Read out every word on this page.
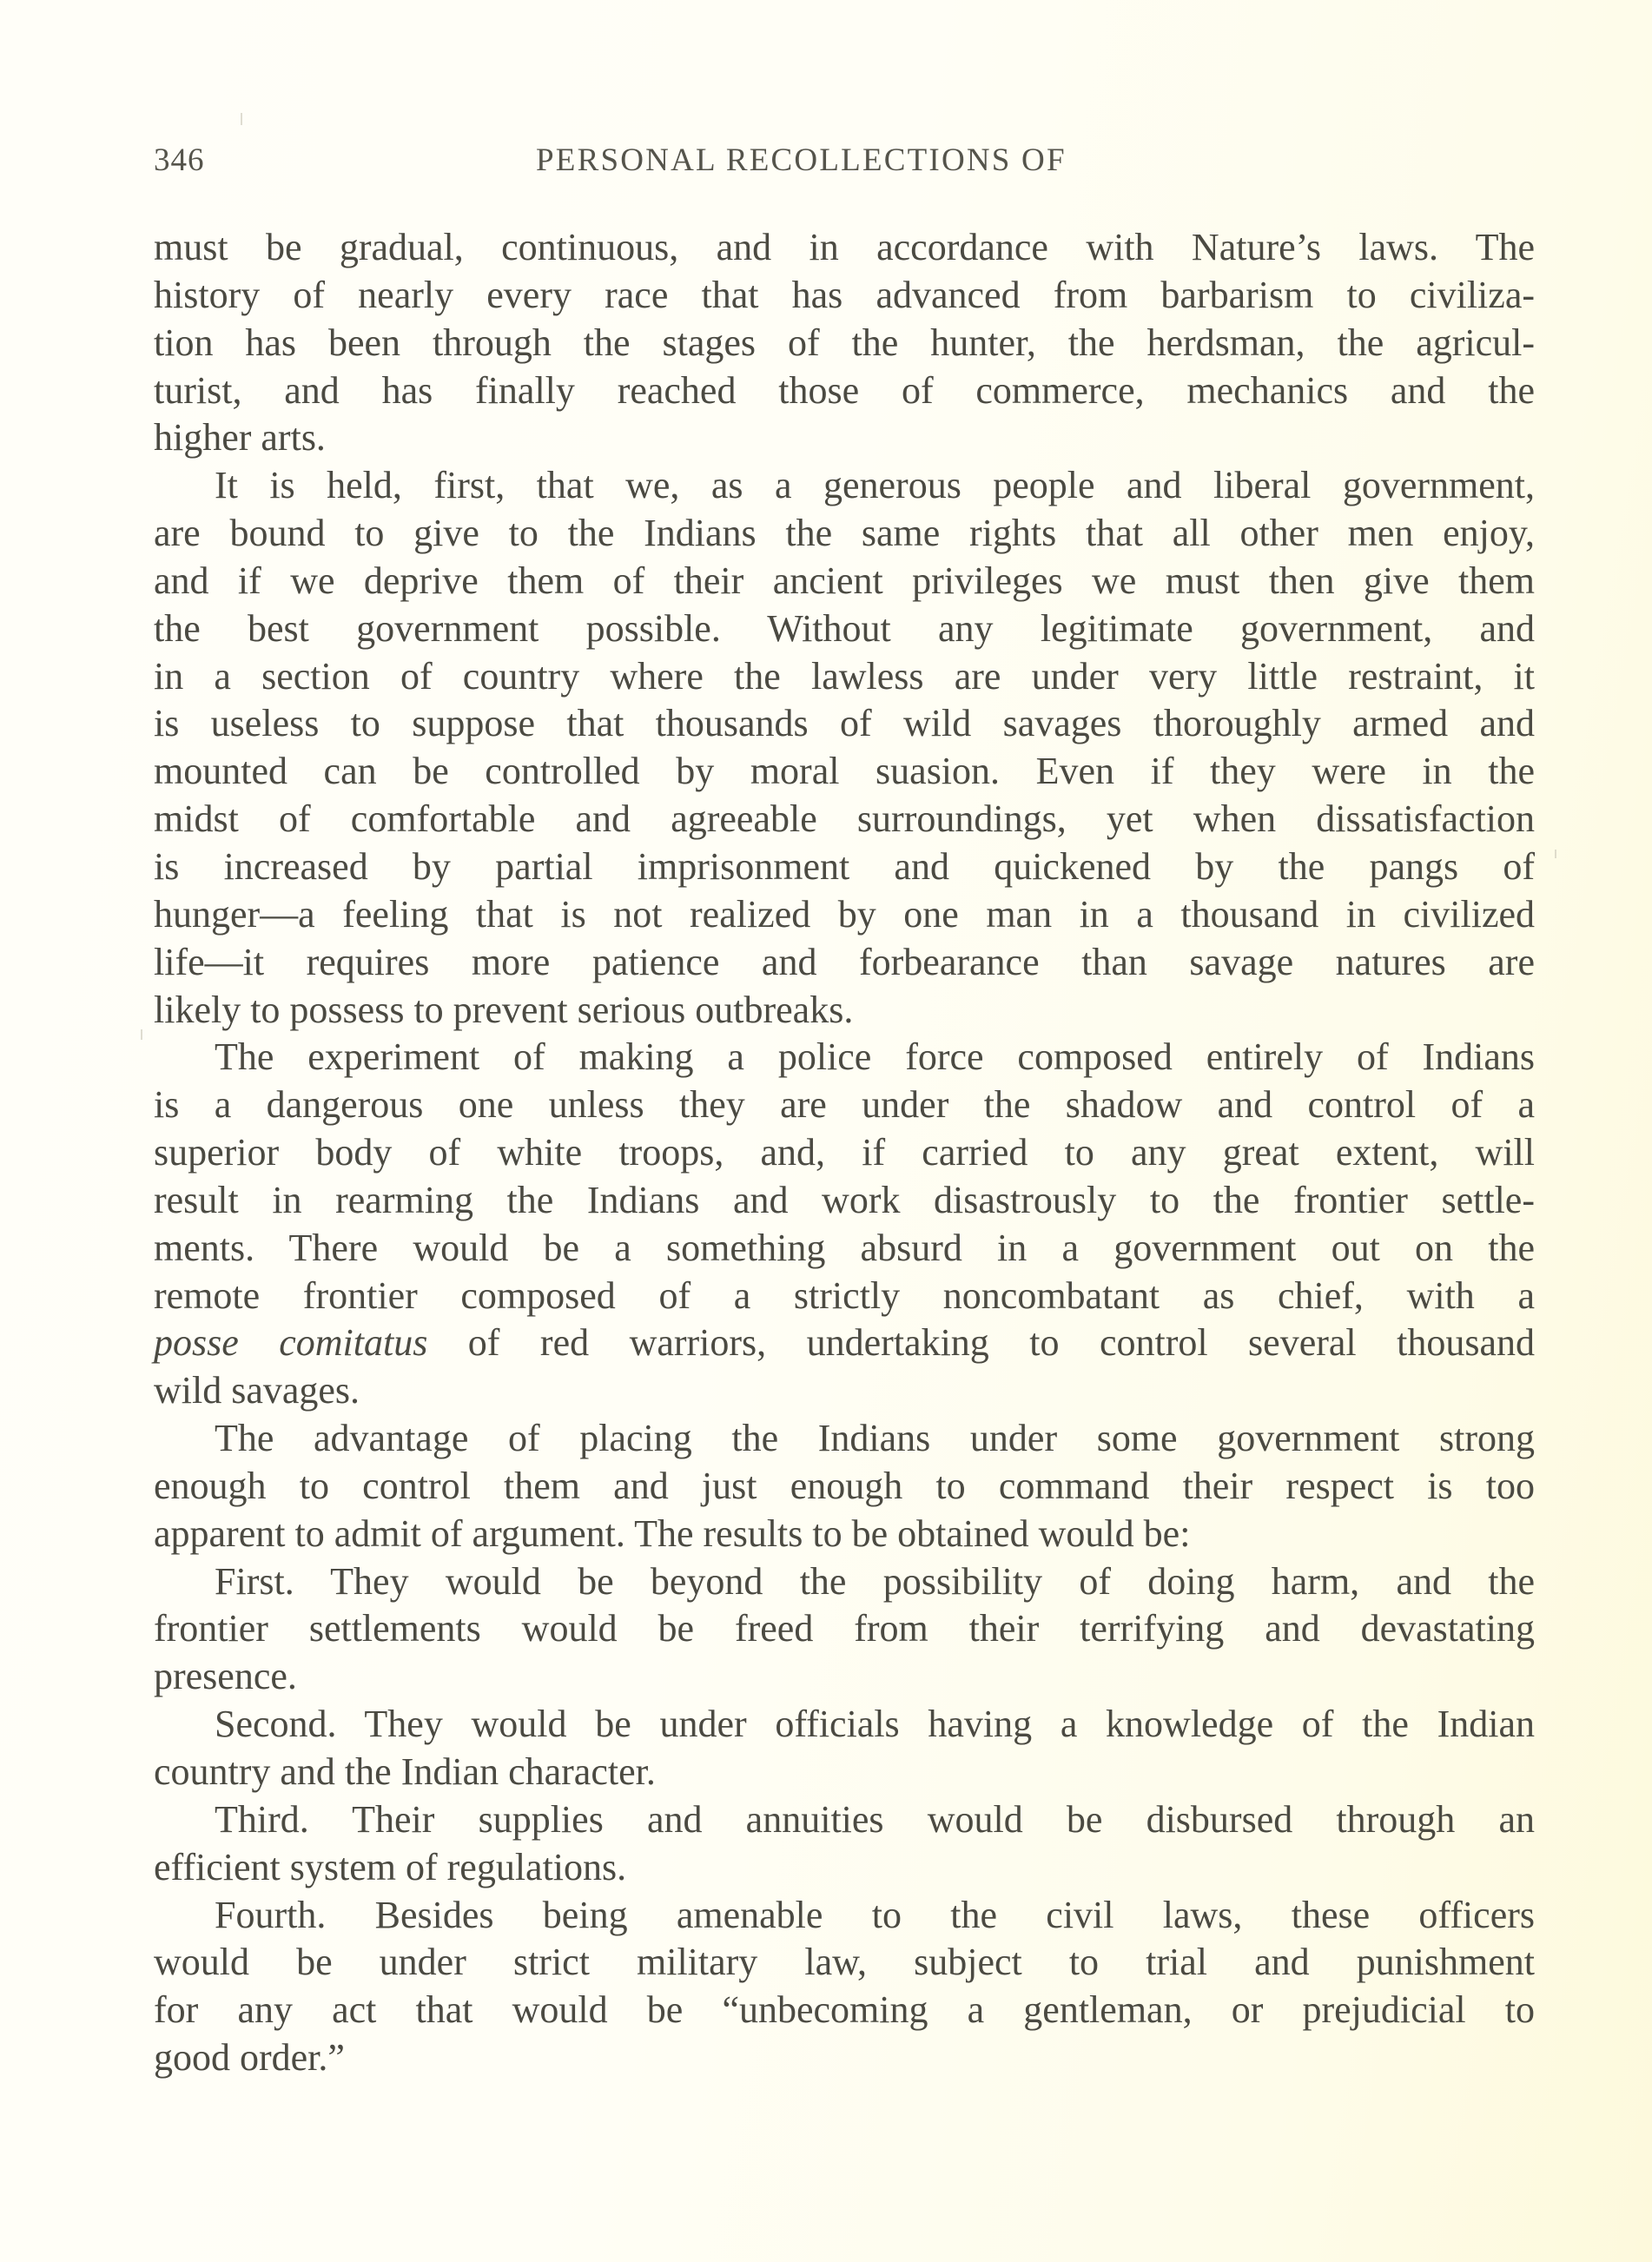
346	PERSONAL RECOLLECTIONS OF
must be gradual, continuous, and in accordance with Nature’s laws. The
history of nearly every race that has advanced from barbarism to civiliza-
tion has been through the stages of the hunter, the herdsman, the agricul-
turist, and has finally reached those of commerce, mechanics and the
higher arts.
It is held, first, that we, as a generous people and liberal government,
are bound to give to the Indians the same rights that all other men enjoy,
and if we deprive them of their ancient privileges we must then give them
the best government possible. Without any legitimate government, and
in a section of country where the lawless are under very little restraint, it
is useless to suppose that thousands of wild savages thoroughly armed and
mounted can be controlled by moral suasion. Even if they were in the
midst of comfortable and agreeable surroundings, yet when dissatisfaction
is increased by partial imprisonment and quickened by the pangs of
hunger—a feeling that is not realized by one man in a thousand in civilized
life—it requires more patience and forbearance than savage natures are
likely to possess to prevent serious outbreaks.
The experiment of making a police force composed entirely of Indians
is a dangerous one unless they are under the shadow and control of a
superior body of white troops, and, if carried to any great extent, will
result in rearming the Indians and work disastrously to the frontier settle-
ments. There would be a something absurd in a government out on the
remote frontier composed of a strictly noncombatant as chief, with a
posse comitatus of red warriors, undertaking to control several thousand
wild savages.
The advantage of placing the Indians under some government strong
enough to control them and just enough to command their respect is too
apparent to admit of argument. The results to be obtained would be:
First. They would be beyond the possibility of doing harm, and the
frontier settlements would be freed from their terrifying and devastating
presence.
Second. They would be under officials having a knowledge of the Indian
country and the Indian character.
Third. Their supplies and annuities would be disbursed through an
efficient system of regulations.
Fourth. Besides being amenable to the civil laws, these officers
would be under strict military law, subject to trial and punishment
for any act that would be “unbecoming a gentleman, or prejudicial to
good order.”
